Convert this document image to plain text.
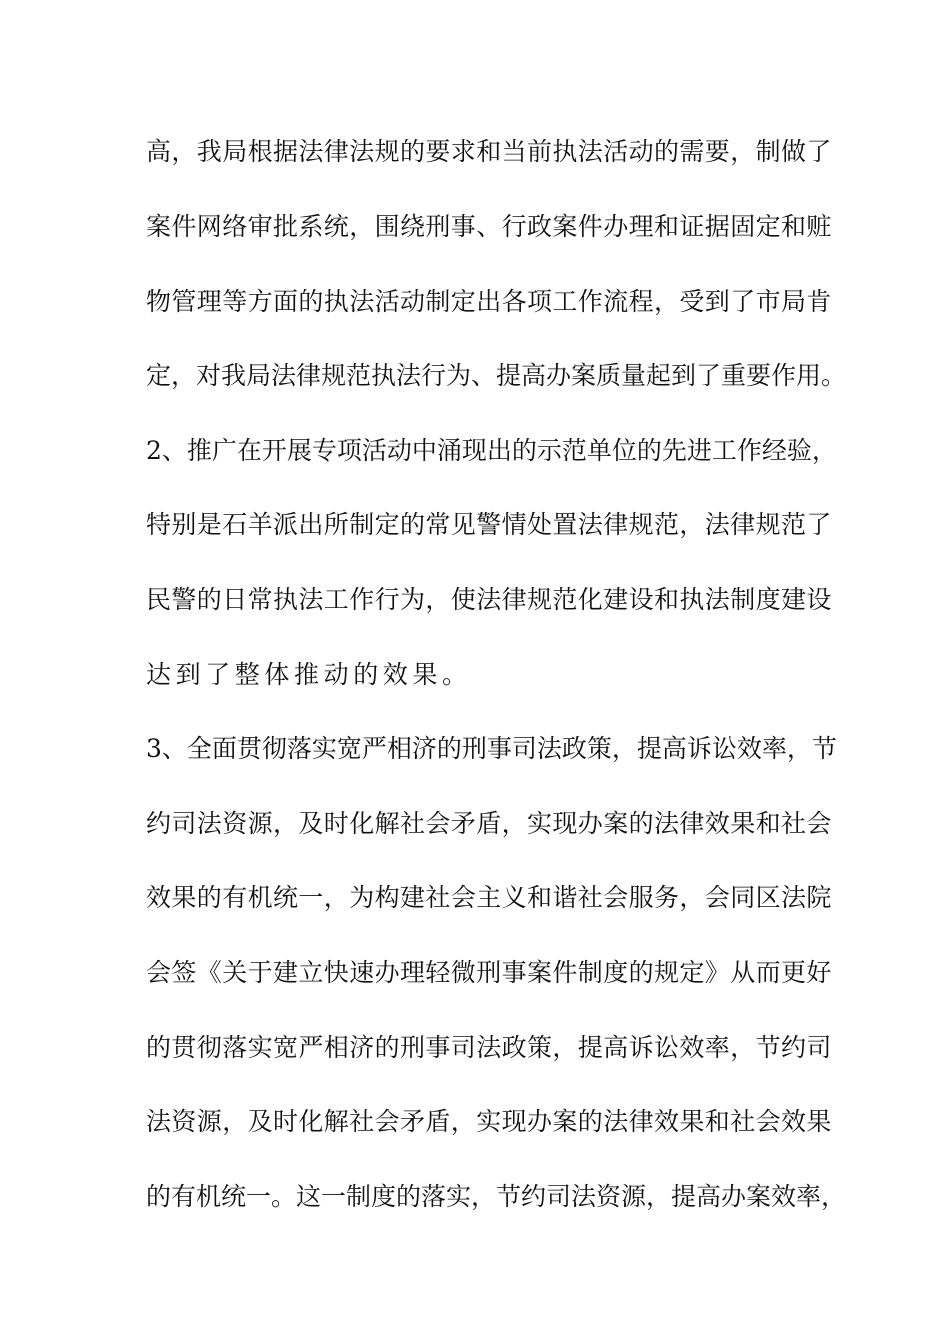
高，我局根据法律法规的要求和当前执法活动的需要，制做了
案件网络审批系统，围绕刑事、行政案件办理和证据固定和赃
物管理等方面的执法活动制定出各项工作流程，受到了市局肯
定，对我局法律规范执法行为、提高办案质量起到了重要作用。
2、推广在开展专项活动中涌现出的示范单位的先进工作经验，
特别是石羊派出所制定的常见警情处置法律规范，法律规范了
民警的日常执法工作行为，使法律规范化建设和执法制度建设
达到了整体推动的效果。
3、全面贯彻落实宽严相济的刑事司法政策，提高诉讼效率，节
约司法资源，及时化解社会矛盾，实现办案的法律效果和社会
效果的有机统一，为构建社会主义和谐社会服务，会同区法院
会签《关于建立快速办理轻微刑事案件制度的规定》从而更好
的贯彻落实宽严相济的刑事司法政策，提高诉讼效率，节约司
法资源，及时化解社会矛盾，实现办案的法律效果和社会效果
的有机统一。这一制度的落实，节约司法资源，提高办案效率，
